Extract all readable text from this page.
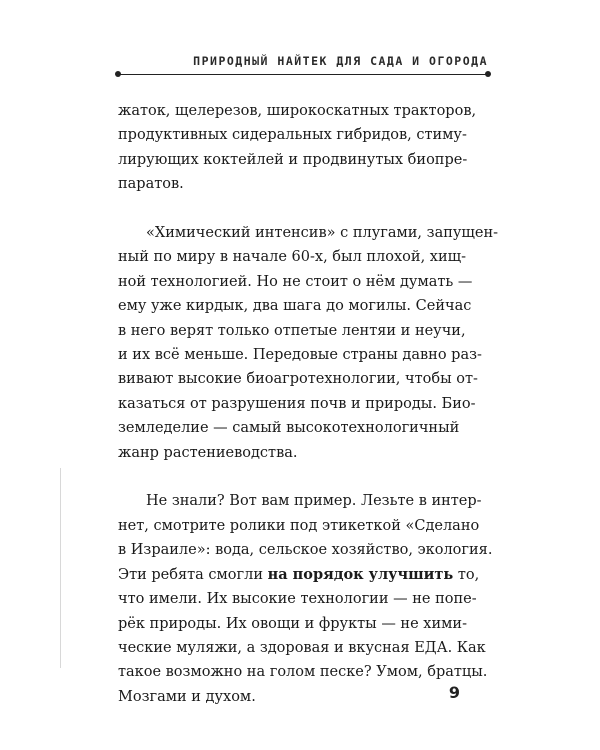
ПРИРОДНЫЙ НАЙТЕК ДЛЯ САДА И ОГОРОДА
жаток, щелерезов, широкоскатных тракторов,
продуктивных сидеральных гибридов, стиму-
лирующих коктейлей и продвинутых биопре-
паратов.
«Химический интенсив» с плугами, запущен-
ный по миру в начале 60-х, был плохой, хищ-
ной технологией. Но не стоит о нём думать —
ему уже кирдык, два шага до могилы. Сейчас
в него верят только отпетые лентяи и неучи,
и их всё меньше. Передовые страны давно раз-
вивают высокие биоагротехнологии, чтобы от-
казаться от разрушения почв и природы. Био-
земледелие — самый высокотехнологичный
жанр растениеводства.
Не знали? Вот вам пример. Лезьте в интер-
нет, смотрите ролики под этикеткой «Сделано
в Израиле»: вода, сельское хозяйство, экология.
Эти ребята смогли на порядок улучшить то,
что имели. Их высокие технологии — не попе-
рёк природы. Их овощи и фрукты — не хими-
ческие муляжи, а здоровая и вкусная ЕДА. Как
такое возможно на голом песке? Умом, братцы.
Мозгами и духом.	9
